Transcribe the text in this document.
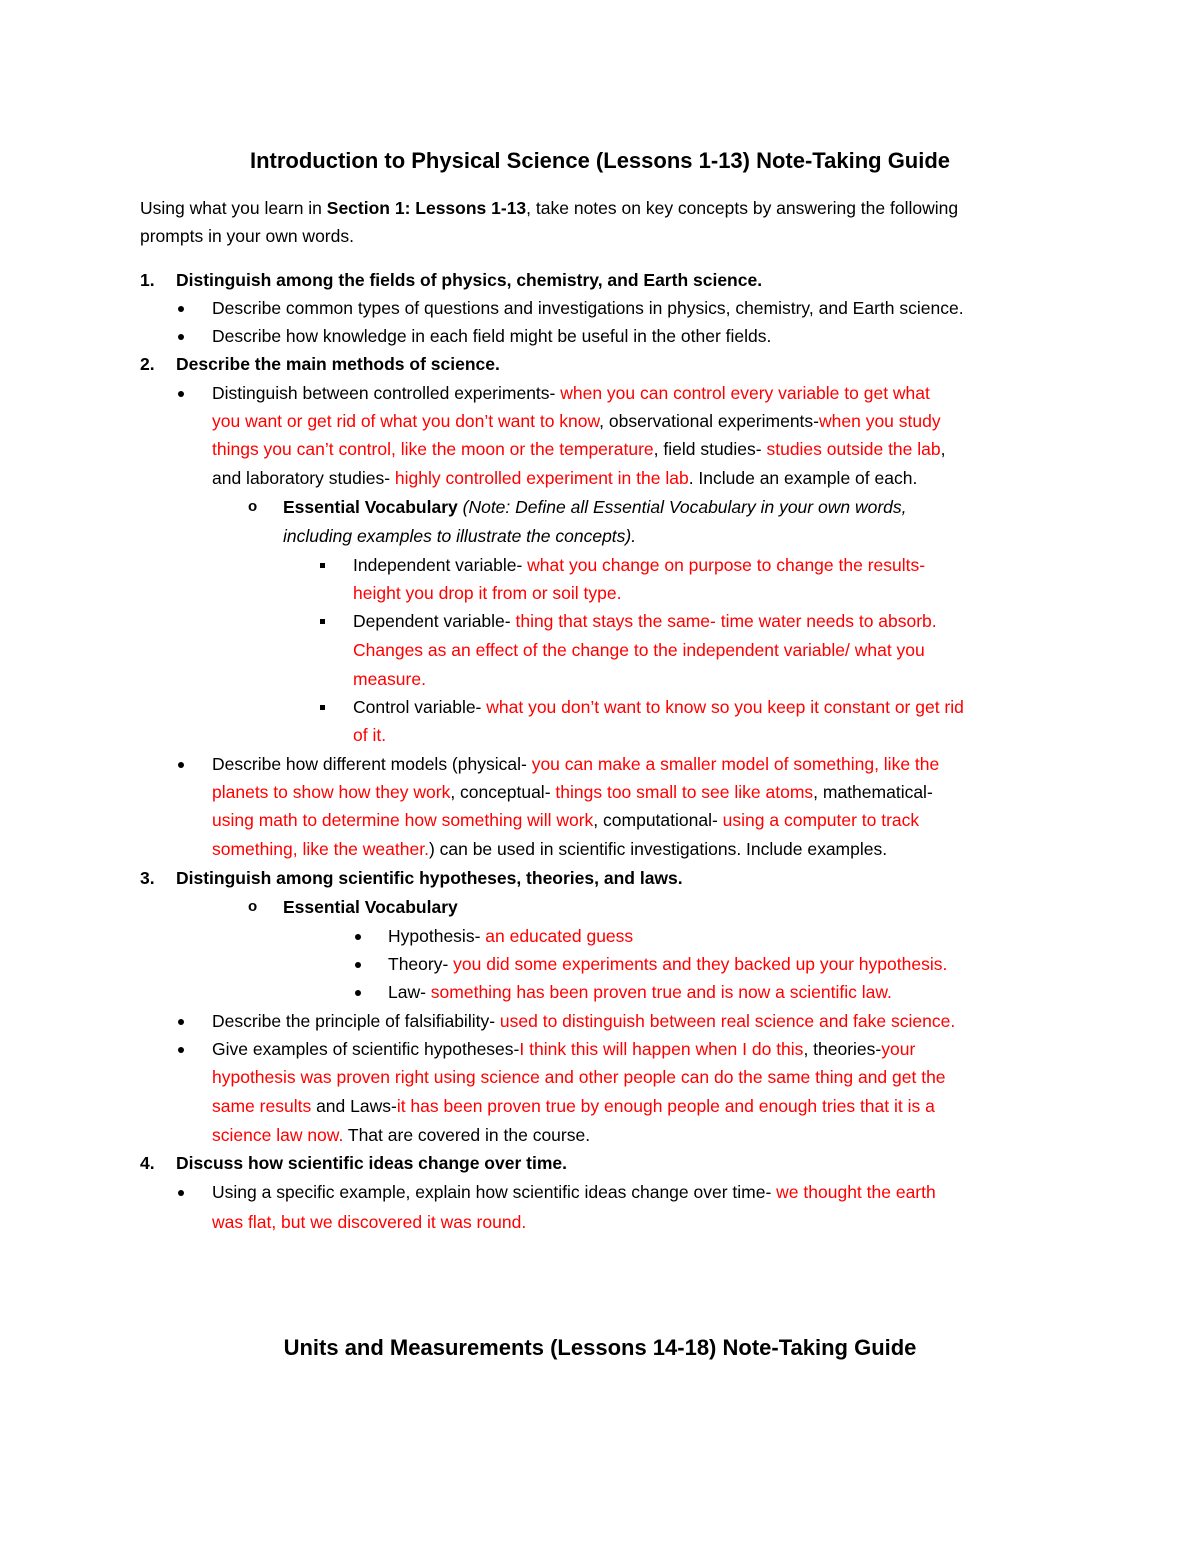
Introduction to Physical Science (Lessons 1-13) Note-Taking Guide
Using what you learn in Section 1: Lessons 1-13, take notes on key concepts by answering the following
prompts in your own words.
1. Distinguish among the fields of physics, chemistry, and Earth science.
Describe common types of questions and investigations in physics, chemistry, and Earth science.
Describe how knowledge in each field might be useful in the other fields.
2. Describe the main methods of science.
Distinguish between controlled experiments- when you can control every variable to get what
you want or get rid of what you don’t want to know, observational experiments-when you study
things you can’t control, like the moon or the temperature, field studies- studies outside the lab,
and laboratory studies- highly controlled experiment in the lab. Include an example of each.
o Essential Vocabulary (Note: Define all Essential Vocabulary in your own words,
including examples to illustrate the concepts).
Independent variable- what you change on purpose to change the results-
height you drop it from or soil type.
Dependent variable- thing that stays the same- time water needs to absorb.
Changes as an effect of the change to the independent variable/ what you
measure.
Control variable- what you don’t want to know so you keep it constant or get rid
of it.
Describe how different models (physical- you can make a smaller model of something, like the
planets to show how they work, conceptual- things too small to see like atoms, mathematical-
using math to determine how something will work, computational- using a computer to track
something, like the weather.) can be used in scientific investigations. Include examples.
3. Distinguish among scientific hypotheses, theories, and laws.
o Essential Vocabulary
Hypothesis- an educated guess
Theory- you did some experiments and they backed up your hypothesis.
Law- something has been proven true and is now a scientific law.
Describe the principle of falsifiability- used to distinguish between real science and fake science.
Give examples of scientific hypotheses-I think this will happen when I do this, theories-your
hypothesis was proven right using science and other people can do the same thing and get the
same results and Laws-it has been proven true by enough people and enough tries that it is a
science law now. That are covered in the course.
4. Discuss how scientific ideas change over time.
Using a specific example, explain how scientific ideas change over time- we thought the earth
was flat, but we discovered it was round.
Units and Measurements (Lessons 14-18) Note-Taking Guide
